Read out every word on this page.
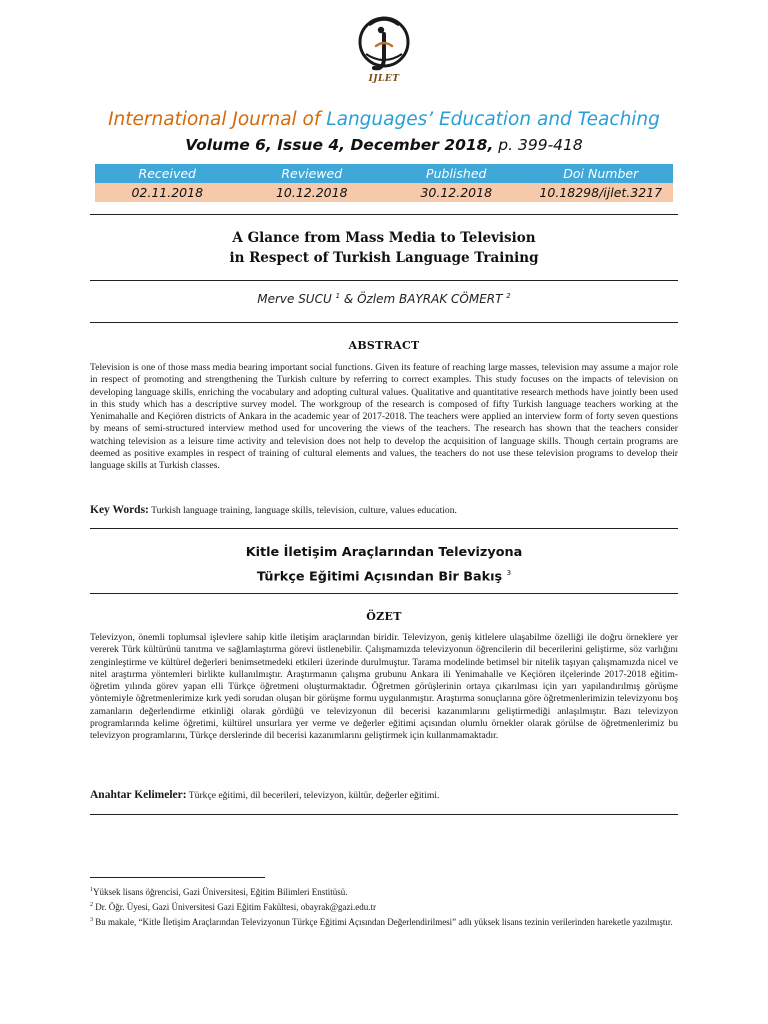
IJLET
International Journal of Languages’ Education and Teaching
Volume 6, Issue 4, December 2018, p. 399-418
Received	Reviewed	Published	Doi Number
02.11.2018	10.12.2018	30.12.2018	10.18298/ijlet.3217
A Glance from Mass Media to Television
in Respect of Turkish Language Training
Merve SUCU $^1$ & Özlem BAYRAK CÖMERT $^2$
ABSTRACT
Television is one of those mass media bearing important social functions. Given its feature of reaching large masses, television may assume a major role in respect of promoting and strengthening the Turkish culture by referring to correct examples. This study focuses on the impacts of television on developing language skills, enriching the vocabulary and adopting cultural values. Qualitative and quantitative research methods have jointly been used in this study which has a descriptive survey model. The workgroup of the research is composed of fifty Turkish language teachers working at the Yenimahalle and Keçiören districts of Ankara in the academic year of 2017-2018. The teachers were applied an interview form of forty seven questions by means of semi-structured interview method used for uncovering the views of the teachers. The research has shown that the teachers consider watching television as a leisure time activity and television does not help to develop the acquisition of language skills. Though certain programs are deemed as positive examples in respect of training of cultural elements and values, the teachers do not use these television programs to develop their language skills at Turkish classes.
Key Words: Turkish language training, language skills, television, culture, values education.
Kitle İletişim Araçlarından Televizyona
Türkçe Eğitimi Açısından Bir Bakış $^3$
ÖZET
Televizyon, önemli toplumsal işlevlere sahip kitle iletişim araçlarından biridir. Televizyon, geniş kitlelere ulaşabilme özelliği ile doğru örneklere yer vererek Türk kültürünü tanıtma ve sağlamlaştırma görevi üstlenebilir. Çalışmamızda televizyonun öğrencilerin dil becerilerini geliştirme, söz varlığını zenginleştirme ve kültürel değerleri benimsetmedeki etkileri üzerinde durulmuştur. Tarama modelinde betimsel bir nitelik taşıyan çalışmamızda nicel ve nitel araştırma yöntemleri birlikte kullanılmıştır. Araştırmanın çalışma grubunu Ankara ili Yenimahalle ve Keçiören ilçelerinde 2017-2018 eğitim-öğretim yılında görev yapan elli Türkçe öğretmeni oluşturmaktadır. Öğretmen görüşlerinin ortaya çıkarılması için yarı yapılandırılmış görüşme yöntemiyle öğretmenlerimize kırk yedi sorudan oluşan bir görüşme formu uygulanmıştır. Araştırma sonuçlarına göre öğretmenlerimizin televizyonu boş zamanların değerlendirme etkinliği olarak gördüğü ve televizyonun dil becerisi kazanımlarını geliştirmediği anlaşılmıştır. Bazı televizyon programlarında kelime öğretimi, kültürel unsurlara yer verme ve değerler eğitimi açısından olumlu örnekler olarak görülse de öğretmenlerimiz bu televizyon programlarını, Türkçe derslerinde dil becerisi kazanımlarını geliştirmek için kullanmamaktadır.
Anahtar Kelimeler: Türkçe eğitimi, dil becerileri, televizyon, kültür, değerler eğitimi.
$^1$Yüksek lisans öğrencisi, Gazi Üniversitesi, Eğitim Bilimleri Enstitüsü.
$^2$ Dr. Öğr. Üyesi, Gazi Üniversitesi Gazi Eğitim Fakültesi, obayrak@gazi.edu.tr
$^3$ Bu makale, “Kitle İletişim Araçlarından Televizyonun Türkçe Eğitimi Açısından Değerlendirilmesi” adlı yüksek lisans tezinin verilerinden hareketle yazılmıştır.
